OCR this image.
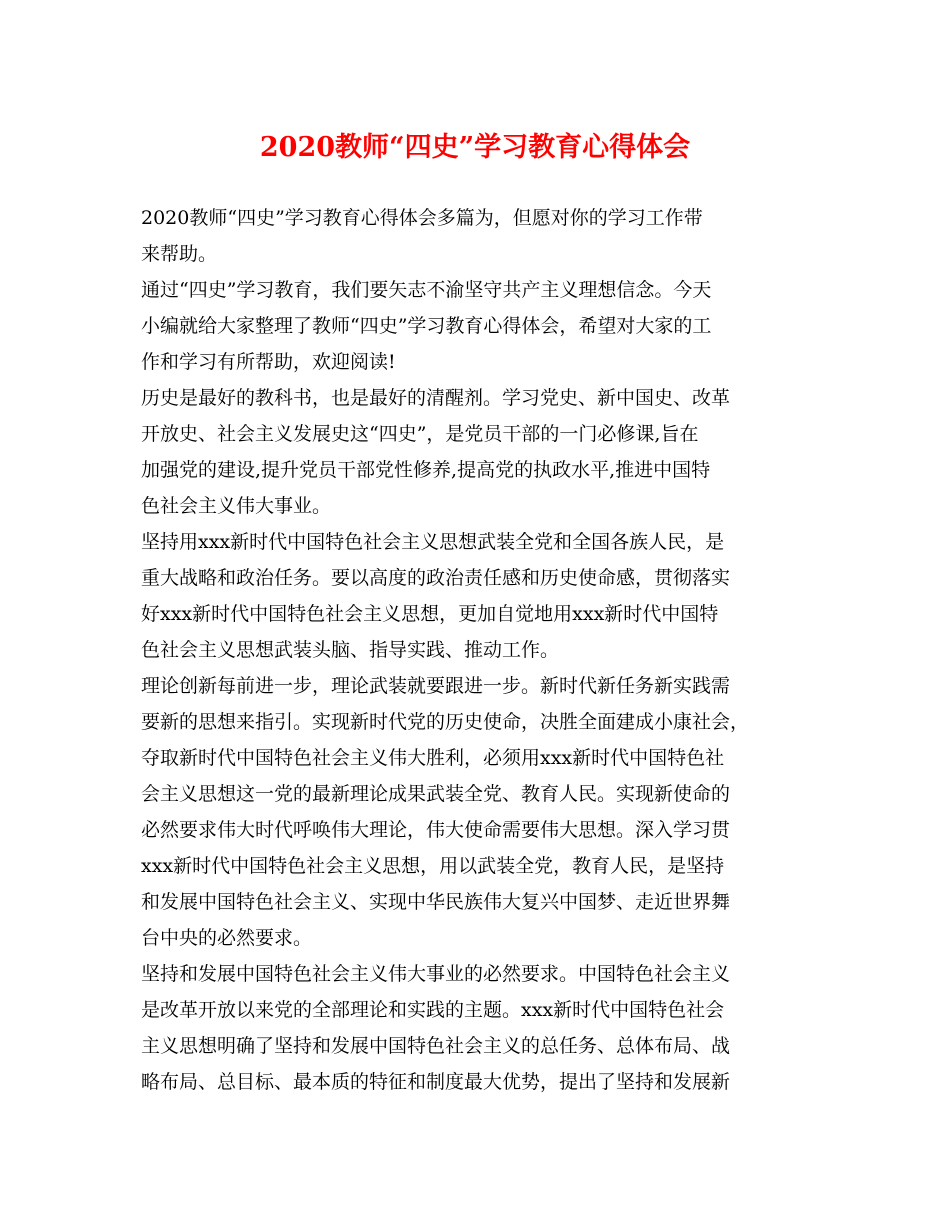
2020教师“四史”学习教育心得体会
2020教师“四史”学习教育心得体会多篇为，但愿对你的学习工作带
来帮助。
通过“四史”学习教育，我们要矢志不渝坚守共产主义理想信念。今天
小编就给大家整理了教师“四史”学习教育心得体会，希望对大家的工
作和学习有所帮助，欢迎阅读!
历史是最好的教科书，也是最好的清醒剂。学习党史、新中国史、改革
开放史、社会主义发展史这“四史”，是党员干部的一门必修课,旨在
加强党的建设,提升党员干部党性修养,提高党的执政水平,推进中国特
色社会主义伟大事业。
坚持用xxx新时代中国特色社会主义思想武装全党和全国各族人民，是
重大战略和政治任务。要以高度的政治责任感和历史使命感，贯彻落实
好xxx新时代中国特色社会主义思想，更加自觉地用xxx新时代中国特
色社会主义思想武装头脑、指导实践、推动工作。
理论创新每前进一步，理论武装就要跟进一步。新时代新任务新实践需
要新的思想来指引。实现新时代党的历史使命，决胜全面建成小康社会，
夺取新时代中国特色社会主义伟大胜利，必须用xxx新时代中国特色社
会主义思想这一党的最新理论成果武装全党、教育人民。实现新使命的
必然要求伟大时代呼唤伟大理论，伟大使命需要伟大思想。深入学习贯
xxx新时代中国特色社会主义思想，用以武装全党，教育人民，是坚持
和发展中国特色社会主义、实现中华民族伟大复兴中国梦、走近世界舞
台中央的必然要求。
坚持和发展中国特色社会主义伟大事业的必然要求。中国特色社会主义
是改革开放以来党的全部理论和实践的主题。xxx新时代中国特色社会
主义思想明确了坚持和发展中国特色社会主义的总任务、总体布局、战
略布局、总目标、最本质的特征和制度最大优势，提出了坚持和发展新
